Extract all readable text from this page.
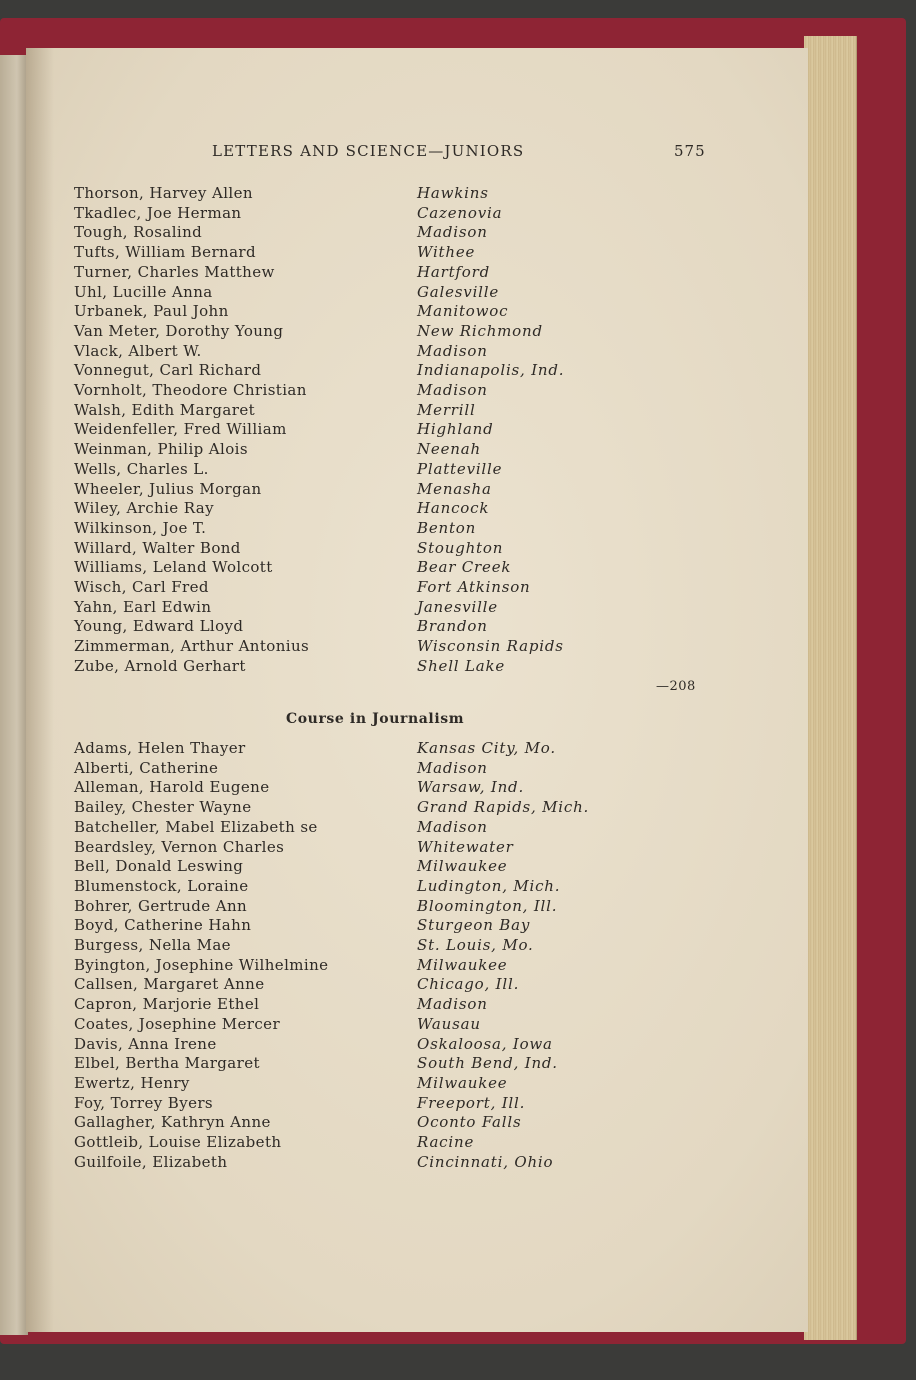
LETTERS AND SCIENCE—JUNIORS	575
Thorson, Harvey Allen	Hawkins
Tkadlec, Joe Herman	Cazenovia
Tough, Rosalind	Madison
Tufts, William Bernard	Withee
Turner, Charles Matthew	Hartford
Uhl, Lucille Anna	Galesville
Urbanek, Paul John	Manitowoc
Van Meter, Dorothy Young	New Richmond
Vlack, Albert W.	Madison
Vonnegut, Carl Richard	Indianapolis, Ind.
Vornholt, Theodore Christian	Madison
Walsh, Edith Margaret	Merrill
Weidenfeller, Fred William	Highland
Weinman, Philip Alois	Neenah
Wells, Charles L.	Platteville
Wheeler, Julius Morgan	Menasha
Wiley, Archie Ray	Hancock
Wilkinson, Joe T.	Benton
Willard, Walter Bond	Stoughton
Williams, Leland Wolcott	Bear Creek
Wisch, Carl Fred	Fort Atkinson
Yahn, Earl Edwin	Janesville
Young, Edward Lloyd	Brandon
Zimmerman, Arthur Antonius	Wisconsin Rapids
Zube, Arnold Gerhart	Shell Lake
—208
Course in Journalism
Adams, Helen Thayer	Kansas City, Mo.
Alberti, Catherine	Madison
Alleman, Harold Eugene	Warsaw, Ind.
Bailey, Chester Wayne	Grand Rapids, Mich.
Batcheller, Mabel Elizabeth se	Madison
Beardsley, Vernon Charles	Whitewater
Bell, Donald Leswing	Milwaukee
Blumenstock, Loraine	Ludington, Mich.
Bohrer, Gertrude Ann	Bloomington, Ill.
Boyd, Catherine Hahn	Sturgeon Bay
Burgess, Nella Mae	St. Louis, Mo.
Byington, Josephine Wilhelmine	Milwaukee
Callsen, Margaret Anne	Chicago, Ill.
Capron, Marjorie Ethel	Madison
Coates, Josephine Mercer	Wausau
Davis, Anna Irene	Oskaloosa, Iowa
Elbel, Bertha Margaret	South Bend, Ind.
Ewertz, Henry	Milwaukee
Foy, Torrey Byers	Freeport, Ill.
Gallagher, Kathryn Anne	Oconto Falls
Gottleib, Louise Elizabeth	Racine
Guilfoile, Elizabeth	Cincinnati, Ohio
